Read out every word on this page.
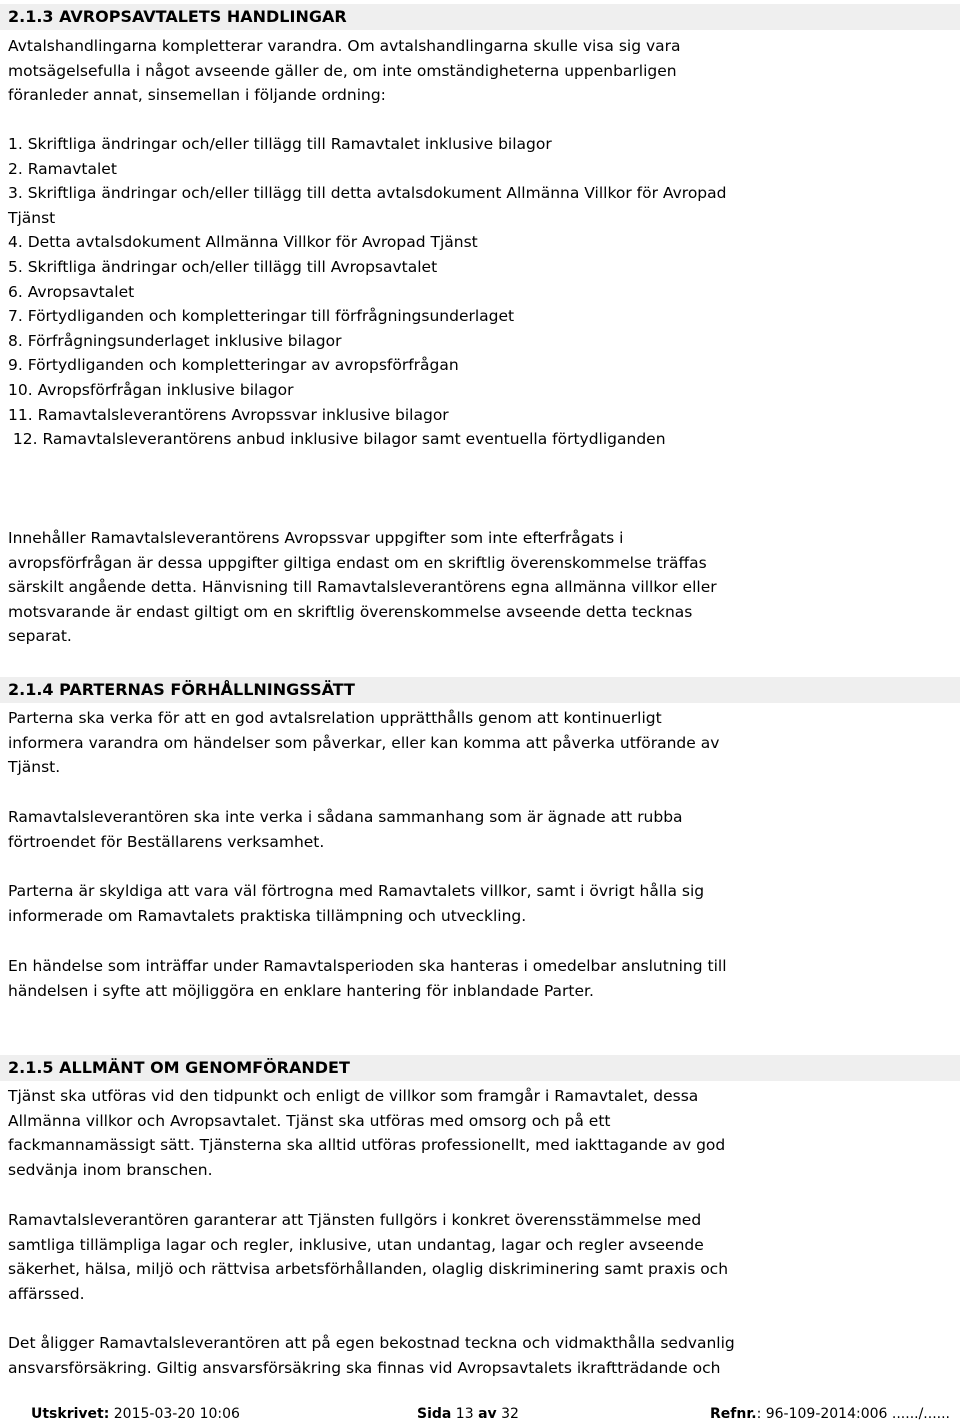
2.1.3 AVROPSAVTALETS HANDLINGAR
Avtalshandlingarna kompletterar varandra. Om avtalshandlingarna skulle visa sig vara
motsägelsefulla i något avseende gäller de, om inte omständigheterna uppenbarligen
föranleder annat, sinsemellan i följande ordning:
1. Skriftliga ändringar och/eller tillägg till Ramavtalet inklusive bilagor
2. Ramavtalet
3. Skriftliga ändringar och/eller tillägg till detta avtalsdokument Allmänna Villkor för Avropad
Tjänst
4. Detta avtalsdokument Allmänna Villkor för Avropad Tjänst
5. Skriftliga ändringar och/eller tillägg till Avropsavtalet
6. Avropsavtalet
7. Förtydliganden och kompletteringar till förfrågningsunderlaget
8. Förfrågningsunderlaget inklusive bilagor
9. Förtydliganden och kompletteringar av avropsförfrågan
10. Avropsförfrågan inklusive bilagor
11. Ramavtalsleverantörens Avropssvar inklusive bilagor
12. Ramavtalsleverantörens anbud inklusive bilagor samt eventuella förtydliganden
Innehåller Ramavtalsleverantörens Avropssvar uppgifter som inte efterfrågats i
avropsförfrågan är dessa uppgifter giltiga endast om en skriftlig överenskommelse träffas
särskilt angående detta. Hänvisning till Ramavtalsleverantörens egna allmänna villkor eller
motsvarande är endast giltigt om en skriftlig överenskommelse avseende detta tecknas
separat.
2.1.4 PARTERNAS FÖRHÅLLNINGSSÄTT
Parterna ska verka för att en god avtalsrelation upprätthålls genom att kontinuerligt
informera varandra om händelser som påverkar, eller kan komma att påverka utförande av
Tjänst.
Ramavtalsleverantören ska inte verka i sådana sammanhang som är ägnade att rubba
förtroendet för Beställarens verksamhet.
Parterna är skyldiga att vara väl förtrogna med Ramavtalets villkor, samt i övrigt hålla sig
informerade om Ramavtalets praktiska tillämpning och utveckling.
En händelse som inträffar under Ramavtalsperioden ska hanteras i omedelbar anslutning till
händelsen i syfte att möjliggöra en enklare hantering för inblandade Parter.
2.1.5 ALLMÄNT OM GENOMFÖRANDET
Tjänst ska utföras vid den tidpunkt och enligt de villkor som framgår i Ramavtalet, dessa
Allmänna villkor och Avropsavtalet. Tjänst ska utföras med omsorg och på ett
fackmannamässigt sätt. Tjänsterna ska alltid utföras professionellt, med iakttagande av god
sedvänja inom branschen.
Ramavtalsleverantören garanterar att Tjänsten fullgörs i konkret överensstämmelse med
samtliga tillämpliga lagar och regler, inklusive, utan undantag, lagar och regler avseende
säkerhet, hälsa, miljö och rättvisa arbetsförhållanden, olaglig diskriminering samt praxis och
affärssed.
Det åligger Ramavtalsleverantören att på egen bekostnad teckna och vidmakthålla sedvanlig
ansvarsförsäkring. Giltig ansvarsförsäkring ska finnas vid Avropsavtalets ikraftträdande och
Utskrivet: 2015-03-20 10:06	Sida 13 av 32	Refnr.: 96-109-2014:006 ....../......
